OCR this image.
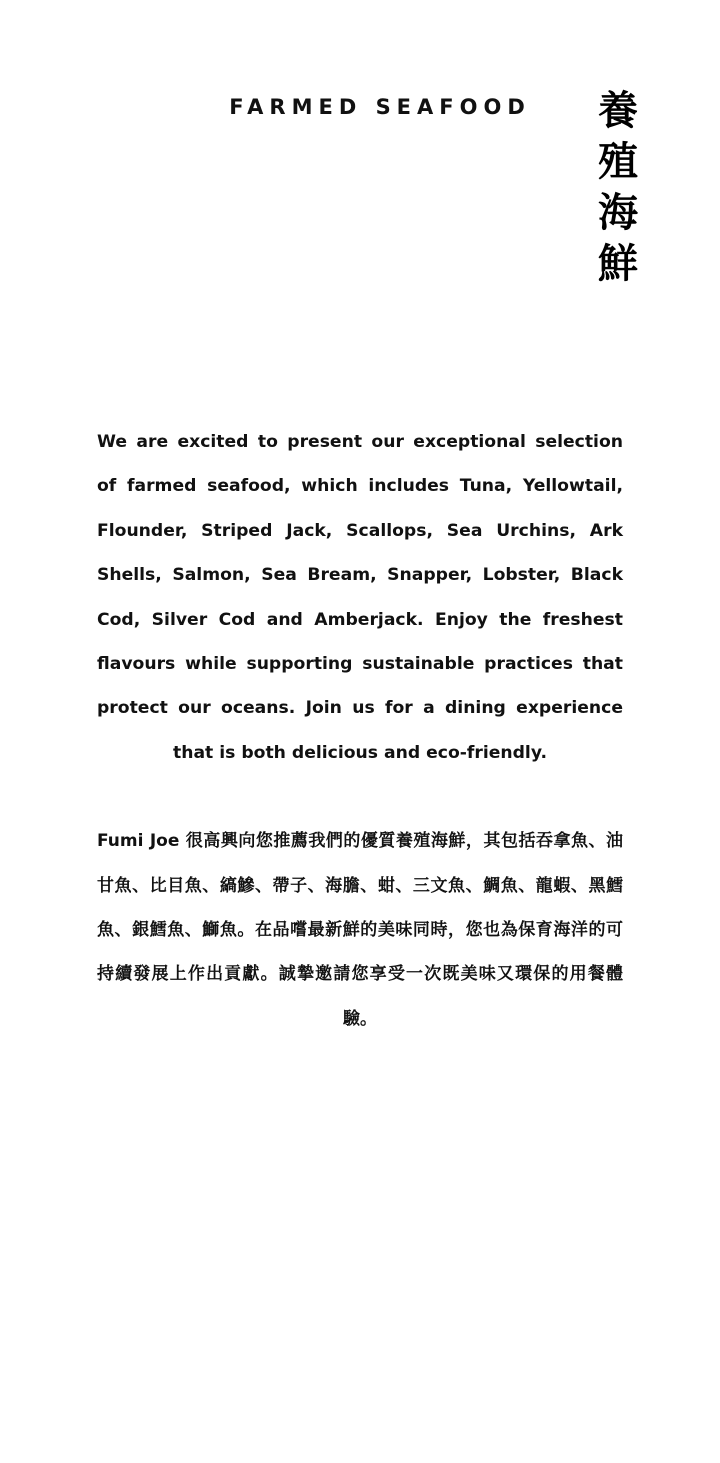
FARMED SEAFOOD 養
殖
海
鮮

We are excited to present our exceptional selection of farmed seafood, which includes Tuna, Yellowtail, Flounder, Striped Jack, Scallops, Sea Urchins, Ark Shells, Salmon, Sea Bream, Snapper, Lobster, Black Cod, Silver Cod and Amberjack. Enjoy the freshest flavours while supporting sustainable practices that protect our oceans. Join us for a dining experience that is both delicious and eco-friendly.

Fumi Joe 很高興向您推薦我們的優質養殖海鮮，其包括吞拿魚、油甘魚、比目魚、縞鰺、帶子、海膽、蚶、三文魚、鯛魚、龍蝦、黑鱈魚、銀鱈魚、鰤魚。在品嚐最新鮮的美味同時，您也為保育海洋的可持續發展上作出貢獻。誠摯邀請您享受一次既美味又環保的用餐體驗。
